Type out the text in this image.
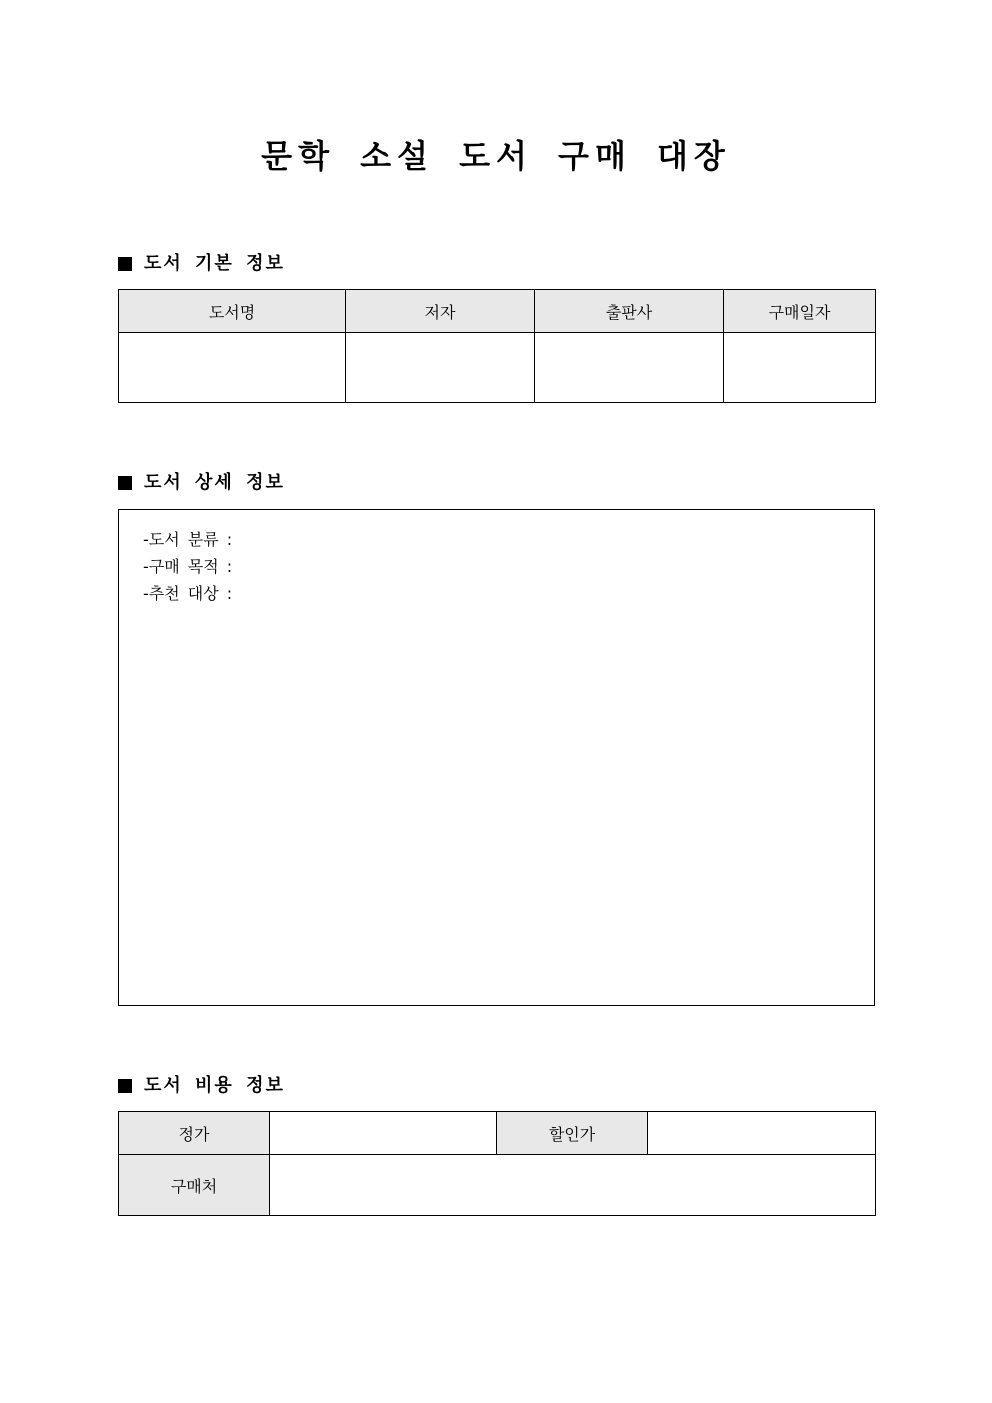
문학 소설 도서 구매 대장
도서 기본 정보
도서명	저자	출판사	구매일자

도서 상세 정보
-도서 분류 :
-구매 목적 :
-추천 대상 :
도서 비용 정보
정가		할인가	
구매처			
